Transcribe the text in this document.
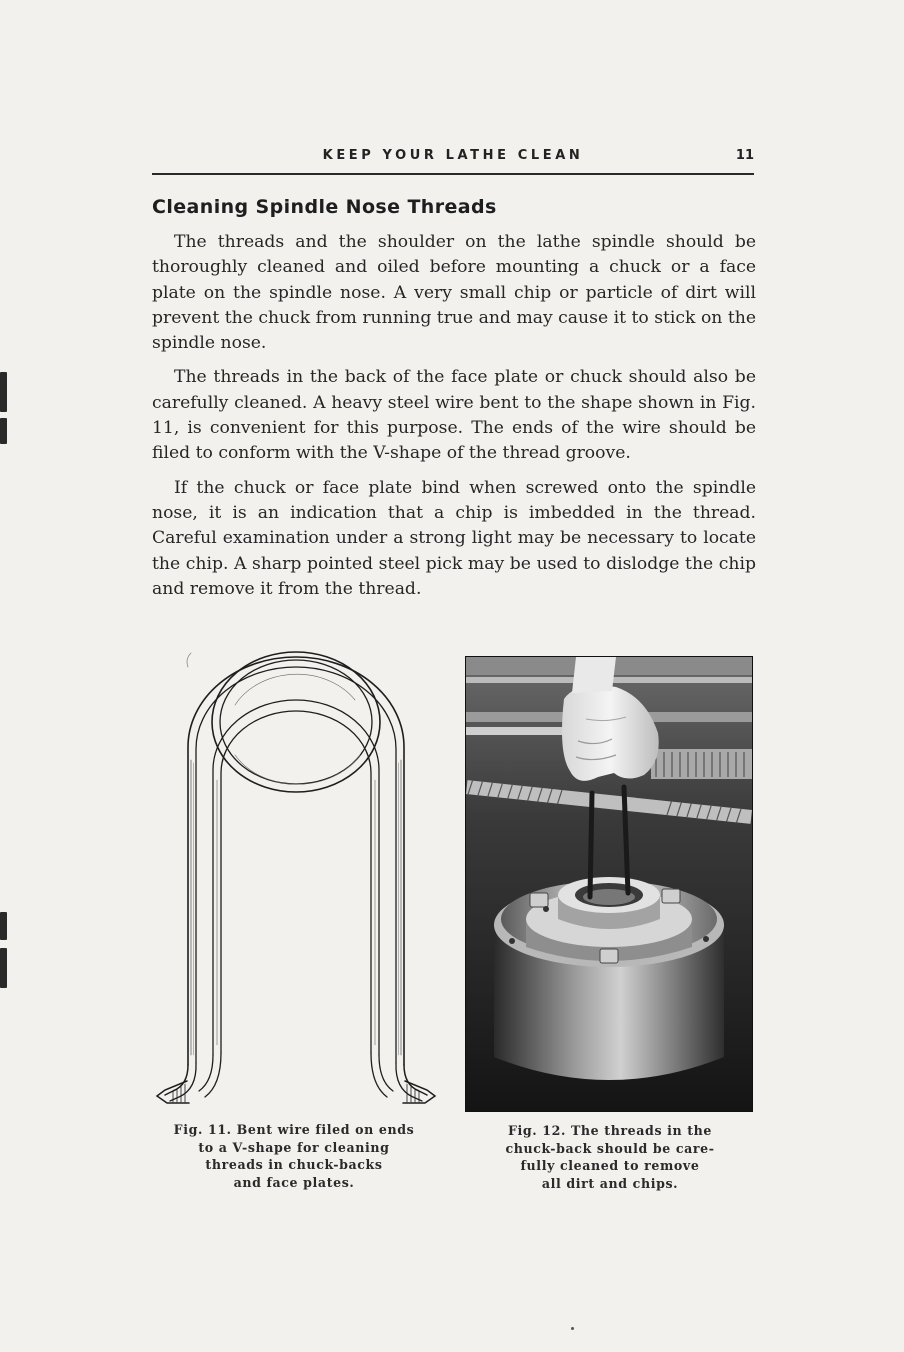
KEEP YOUR LATHE CLEAN	11
Cleaning Spindle Nose Threads

The threads and the shoulder on the lathe spindle should be thoroughly cleaned and oiled before mounting a chuck or a face plate on the spindle nose. A very small chip or particle of dirt will prevent the chuck from running true and may cause it to stick on the spindle nose.

The threads in the back of the face plate or chuck should also be carefully cleaned. A heavy steel wire bent to the shape shown in Fig. 11, is convenient for this purpose. The ends of the wire should be filed to conform with the V-shape of the thread groove.

If the chuck or face plate bind when screwed onto the spindle nose, it is an indication that a chip is imbedded in the thread. Careful examination under a strong light may be necessary to locate the chip. A sharp pointed steel pick may be used to dislodge the chip and remove it from the thread.

Fig. 11. Bent wire filed on ends
to a V-shape for cleaning
threads in chuck-backs
and face plates.
Fig. 12. The threads in the
chuck-back should be care-
fully cleaned to remove
all dirt and chips.
